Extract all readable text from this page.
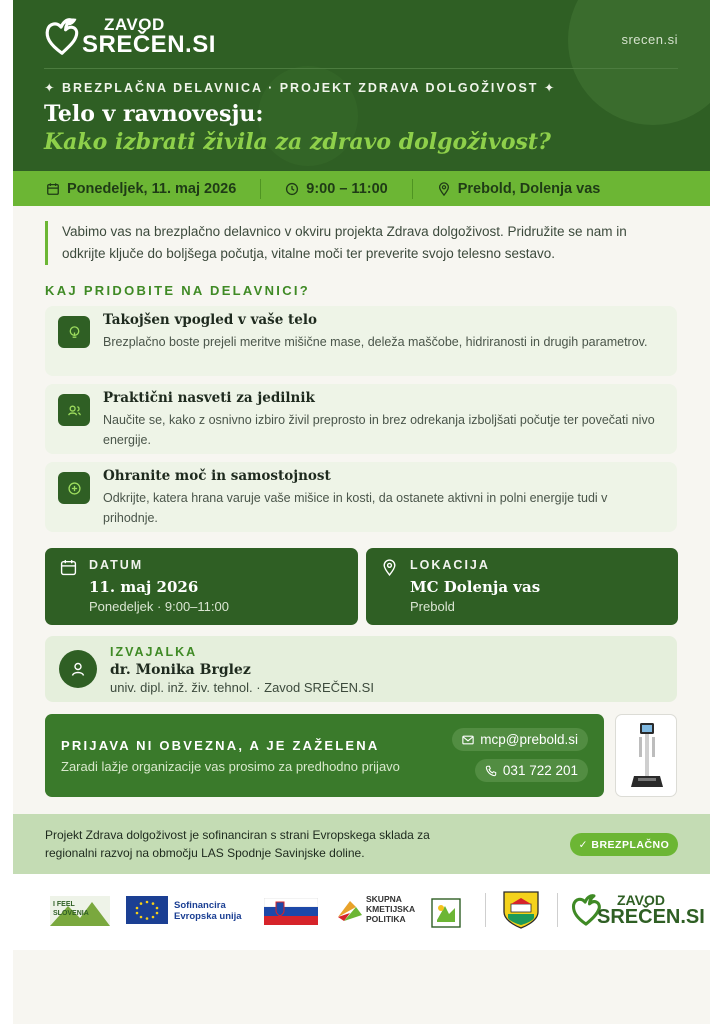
ZAVOD
SREČEN.SI	srecen.si
✦ BREZPLAČNA DELAVNICA · PROJEKT ZDRAVA DOLGOŽIVOST ✦
Telo v ravnovesju:
Kako izbrati živila za zdravo dolgoživost?
Ponedeljek, 11. maj 2026	9:00 – 11:00	Prebold, Dolenja vas
Vabimo vas na brezplačno delavnico v okviru projekta Zdrava dolgoživost. Pridružite se nam in odkrijte ključe do boljšega počutja, vitalne moči ter preverite svojo telesno sestavo.
KAJ PRIDOBITE NA DELAVNICI?
Takojšen vpogled v vaše telo
Brezplačno boste prejeli meritve mišične mase, deleža maščobe, hidriranosti in drugih parametrov.
Praktični nasveti za jedilnik
Naučite se, kako z osnivno izbiro živil preprosto in brez odrekanja izboljšati počutje ter povečati nivo energije.
Ohranite moč in samostojnost
Odkrijte, katera hrana varuje vaše mišice in kosti, da ostanete aktivni in polni energije tudi v prihodnje.
DATUM
11. maj 2026
Ponedeljek · 9:00–11:00
LOKACIJA
MC Dolenja vas
Prebold
IZVAJALKA
dr. Monika Brglez
univ. dipl. inž. živ. tehnol. · Zavod SREČEN.SI
PRIJAVA NI OBVEZNA, A JE ZAŽELENA
Zaradi lažje organizacije vas prosimo za predhodno prijavo
mcp@prebold.si
031 722 201
Projekt Zdrava dolgoživost je sofinanciran s strani Evropskega sklada za regionalni razvoj na območju LAS Spodnje Savinjske doline.
✓ BREZPLAČNO
I FEEL
SLOVENIA
Sofinancira Evropska unija
SKUPNA
KMETIJSKA
POLITIKA
ZAVOD
SREČEN.SI
